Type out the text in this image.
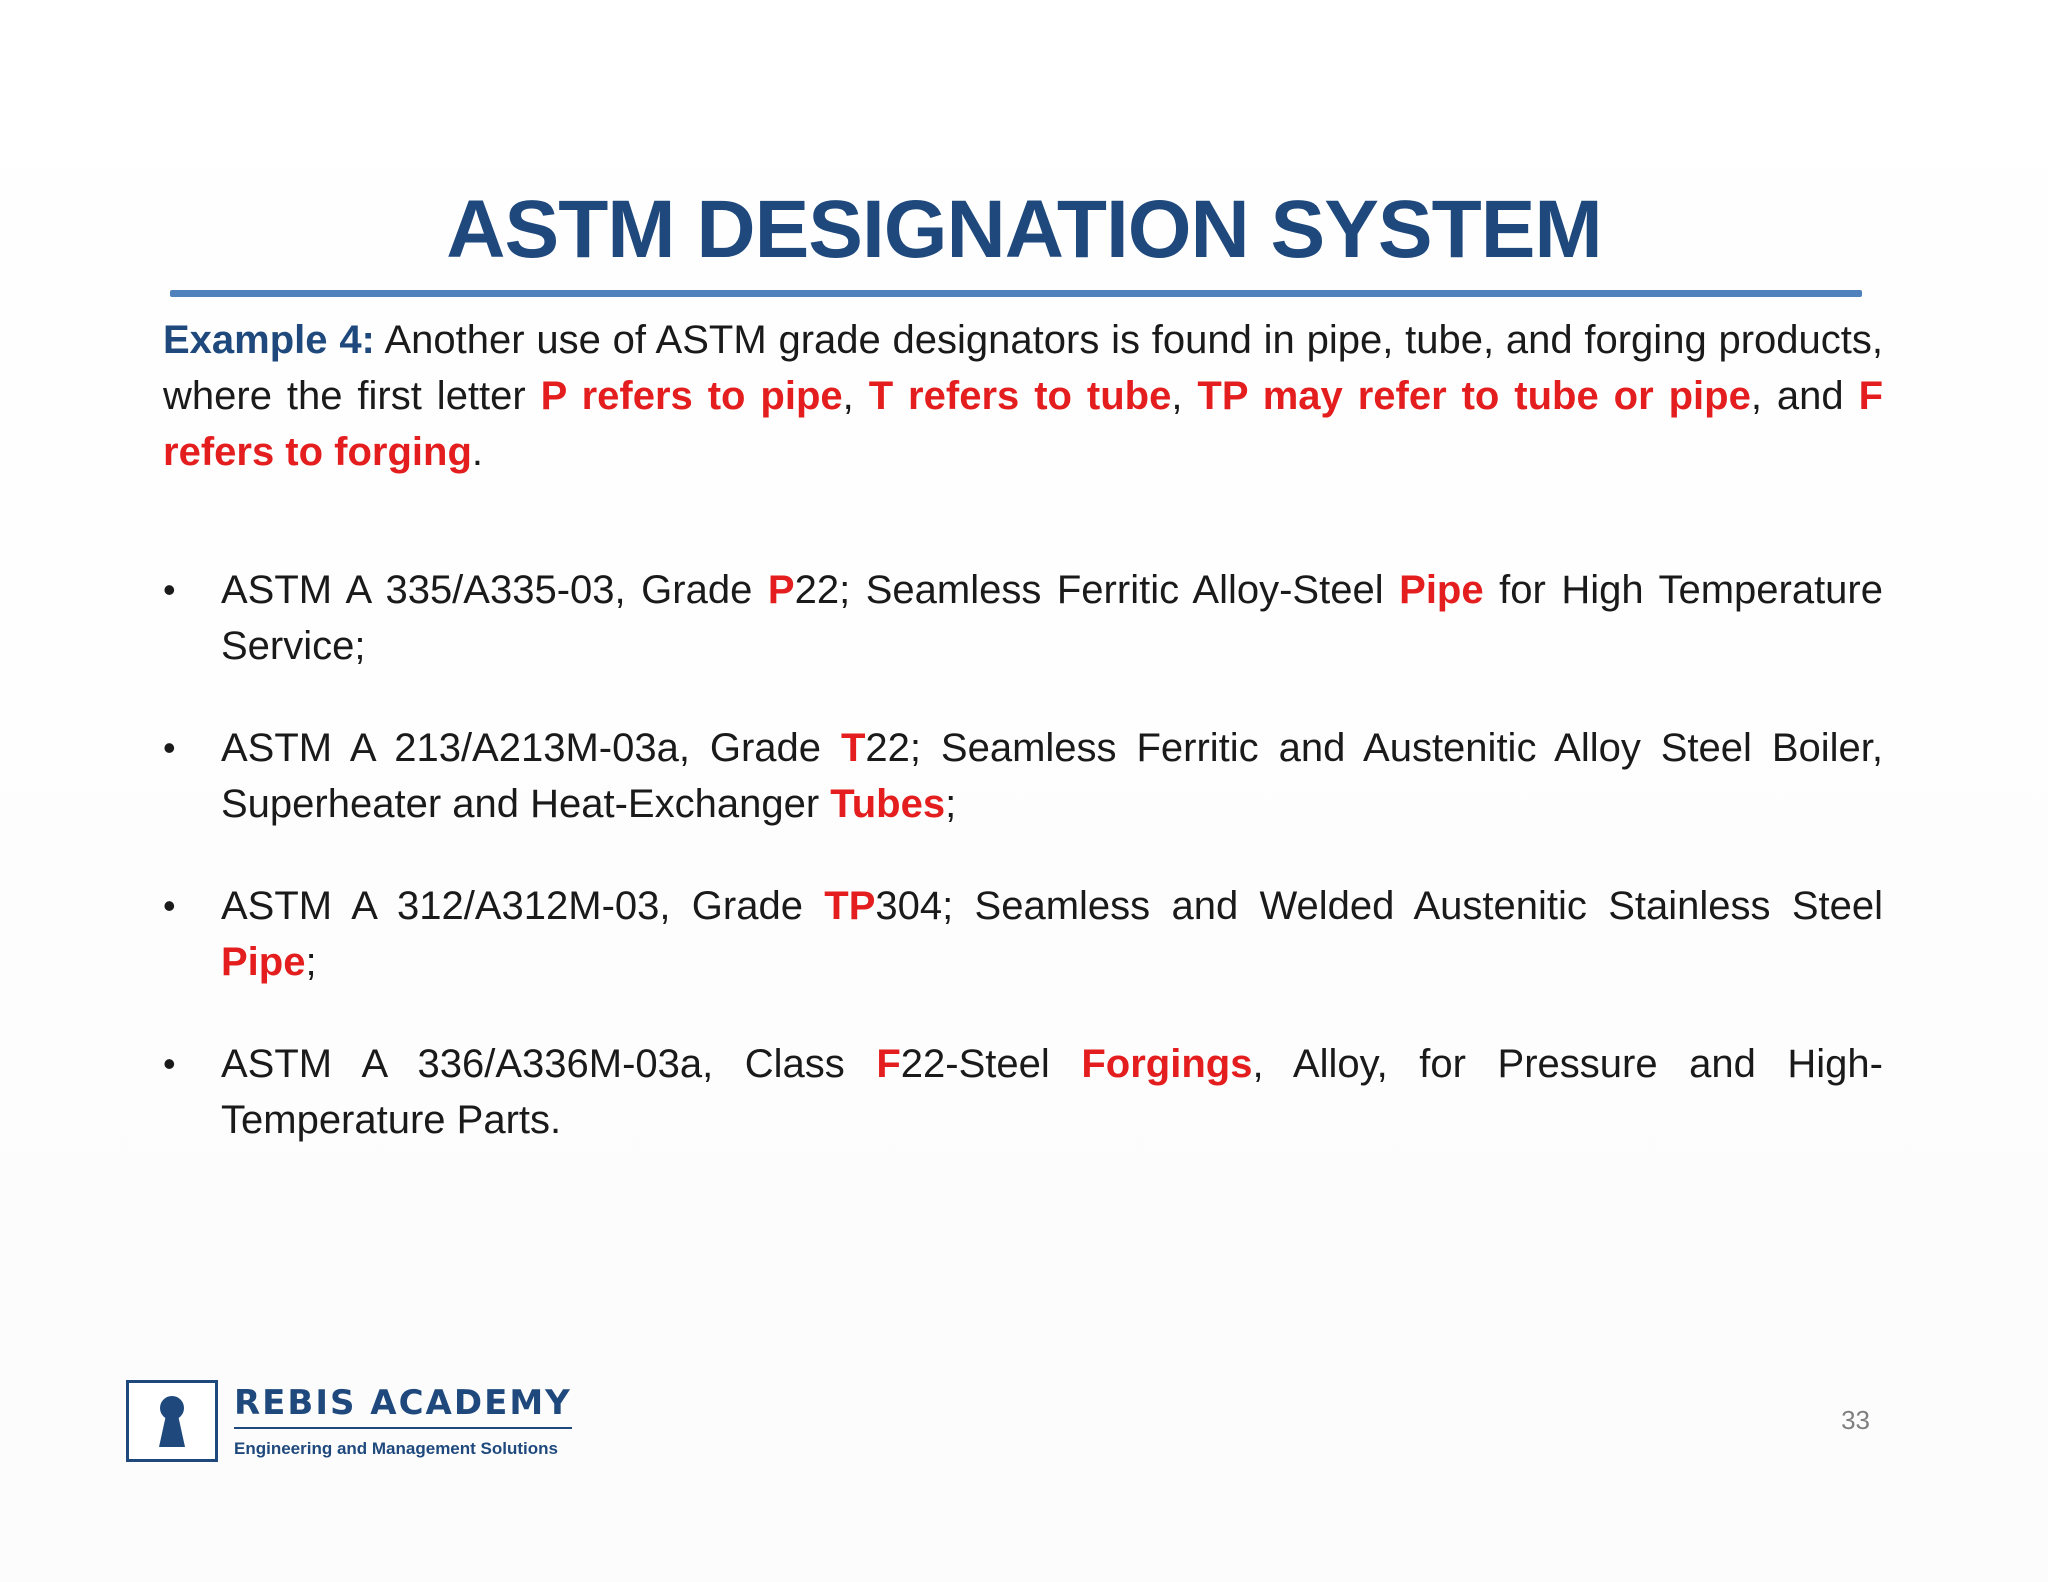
ASTM DESIGNATION SYSTEM

Example 4: Another use of ASTM grade designators is found in pipe, tube, and forging products, where the first letter P refers to pipe, T refers to tube, TP may refer to tube or pipe, and F refers to forging.

• ASTM A 335/A335-03, Grade P22; Seamless Ferritic Alloy-Steel Pipe for High Temperature Service;
• ASTM A 213/A213M-03a, Grade T22; Seamless Ferritic and Austenitic Alloy Steel Boiler, Superheater and Heat-Exchanger Tubes;
• ASTM A 312/A312M-03, Grade TP304; Seamless and Welded Austenitic Stainless Steel Pipe;
• ASTM A 336/A336M-03a, Class F22-Steel Forgings, Alloy, for Pressure and High-Temperature Parts.
REBIS ACADEMY
Engineering and Management Solutions
33
